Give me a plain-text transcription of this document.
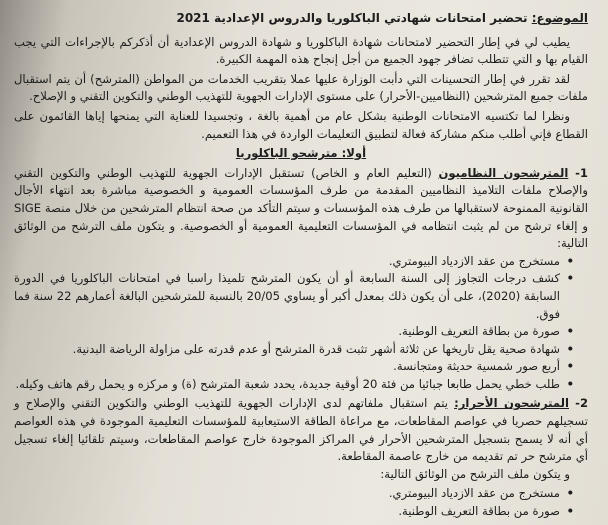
الموضوع: تحضير امتحانات شهادتي الباكلوريا والدروس الإعدادية 2021

يطيب لي في إطار التحضير لامتحانات شهادة الباكلوريا و شهادة الدروس الإعدادية أن أذكركم بالإجراءات التي يجب القيام بها و التي تتطلب تضافر جهود الجميع من أجل إنجاح هذه المهمة الكبيرة.

لقد تقرر في إطار التحسينات التي دأبت الوزارة عليها عملا بتقريب الخدمات من المواطن (المترشح) أن يتم استقبال ملفات جميع المترشحين (النظاميين-الأحرار) على مستوى الإدارات الجهوية للتهذيب الوطني والتكوين التقني و الإصلاح.

ونظرا لما تكتسيه الامتحانات الوطنية بشكل عام من أهمية بالغة ، وتجسيدا للعناية التي يمنحها إياها القائمون على القطاع فإني أطلب منكم مشاركة فعالة لتطبيق التعليمات الواردة في هذا التعميم.

أولا: مترشحو الباكلوريا

1- المترشحون النظاميون (التعليم العام و الخاص) تستقبل الإدارات الجهوية للتهذيب الوطني والتكوين التقني والإصلاح ملفات التلاميذ النظاميين المقدمة من طرف المؤسسات العمومية و الخصوصية مباشرة بعد انتهاء الأجال القانونية الممنوحة لاستقبالها من طرف هذه المؤسسات و سيتم التأكد من صحة انتظام المترشحين من خلال منصة SIGE و إلغاء ترشح من لم يثبت انتظامه في المؤسسات التعليمية العمومية أو الخصوصية. و يتكون ملف الترشح من الوثائق التالية:

• مستخرج من عقد الازدياد البيومتري.
• كشف درجات التجاوز إلى السنة السابعة أو أن يكون المترشح تلميذا راسبا في امتحانات الباكلوريا في الدورة السابقة (2020)، على أن يكون ذلك بمعدل أكبر أو يساوي 20/05 بالنسبة للمترشحين البالغة أعمارهم 22 سنة فما فوق.
• صورة من بطاقة التعريف الوطنية.
• شهادة صحية يقل تاريخها عن ثلاثة أشهر تثبت قدرة المترشح أو عدم قدرته على مزاولة الرياضة البدنية.
• أربع صور شمسية حديثة ومتجانسة.
• طلب خطي يحمل طابعا جبائيا من فئة 20 أوقية جديدة، يحدد شعبة المترشح (ة) و مركزه و يحمل رقم هاتف وكيله.

2- المترشحون الأحرار: يتم استقبال ملفاتهم لدى الإدارات الجهوية للتهذيب الوطني والتكوين التقني والإصلاح و تسجيلهم حصريا في عواصم المقاطعات، مع مراعاة الطاقة الاستيعابية للمؤسسات التعليمية الموجودة في هذه العواصم أي أنه لا يسمح بتسجيل المترشحين الأحرار في المراكز الموجودة خارج عواصم المقاطعات، وسيتم تلقائيا إلغاء تسجيل أي مترشح حر تم تقديمه من خارج عاصمة المقاطعة.

و يتكون ملف الترشح من الوثائق التالية:

• مستخرج من عقد الازدياد البيومتري.
• صورة من بطاقة التعريف الوطنية.
